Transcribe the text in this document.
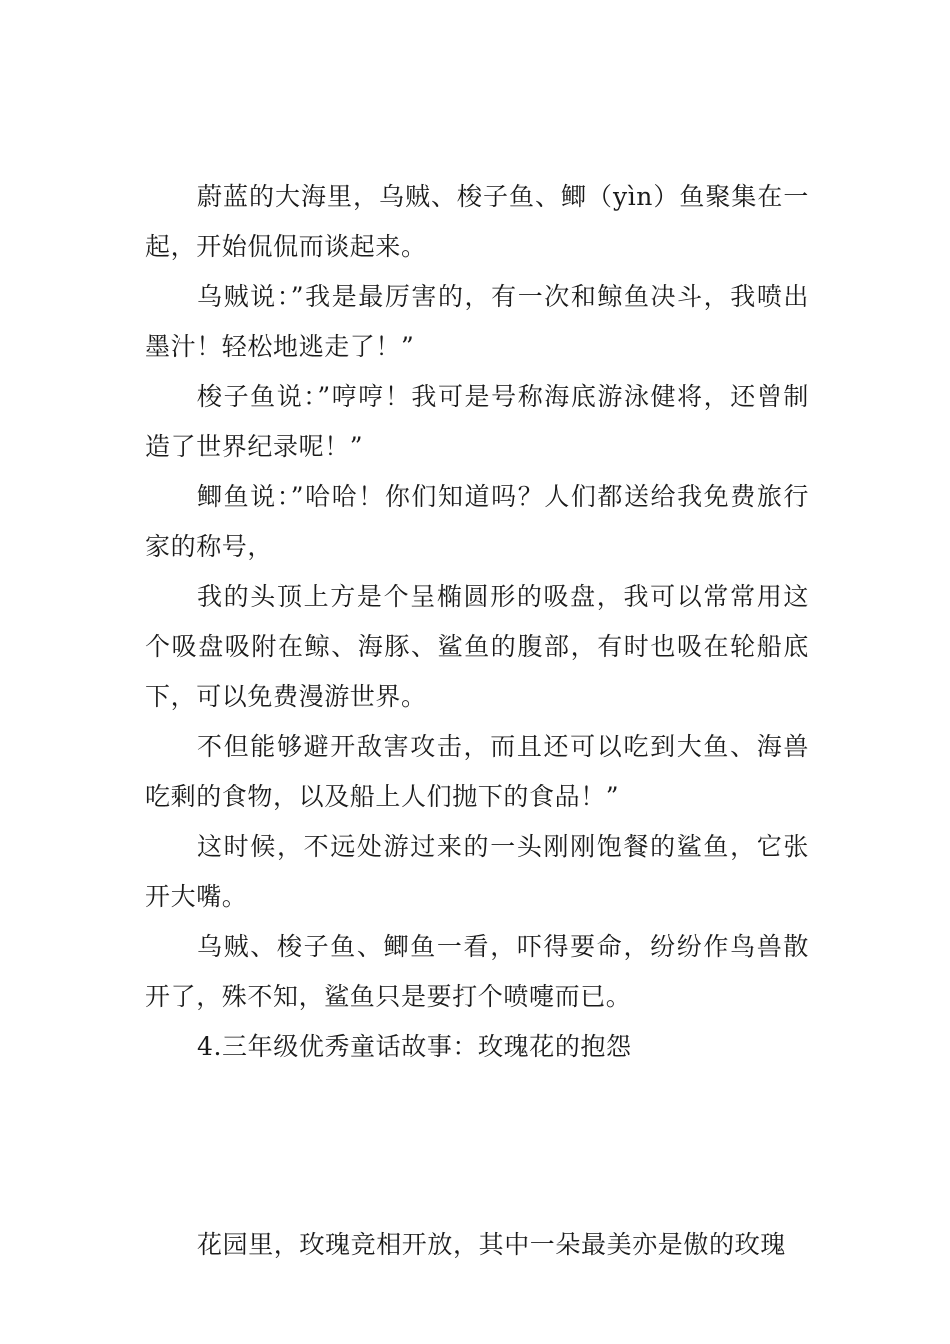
蔚蓝的大海里，乌贼、梭子鱼、鲫（yìn）鱼聚集在一起，开始侃侃而谈起来。

乌贼说：”我是最厉害的，有一次和鲸鱼决斗，我喷出墨汁！轻松地逃走了！”

梭子鱼说：”哼哼！我可是号称海底游泳健将，还曾制造了世界纪录呢！”

鲫鱼说：”哈哈！你们知道吗？人们都送给我免费旅行家的称号，

我的头顶上方是个呈椭圆形的吸盘，我可以常常用这个吸盘吸附在鲸、海豚、鲨鱼的腹部，有时也吸在轮船底下，可以免费漫游世界。

不但能够避开敌害攻击，而且还可以吃到大鱼、海兽吃剩的食物，以及船上人们抛下的食品！”

这时候，不远处游过来的一头刚刚饱餐的鲨鱼，它张开大嘴。

乌贼、梭子鱼、鲫鱼一看，吓得要命，纷纷作鸟兽散开了，殊不知，鲨鱼只是要打个喷嚏而已。

4.三年级优秀童话故事：玫瑰花的抱怨

花园里，玫瑰竞相开放，其中一朵最美亦是傲的玫瑰
